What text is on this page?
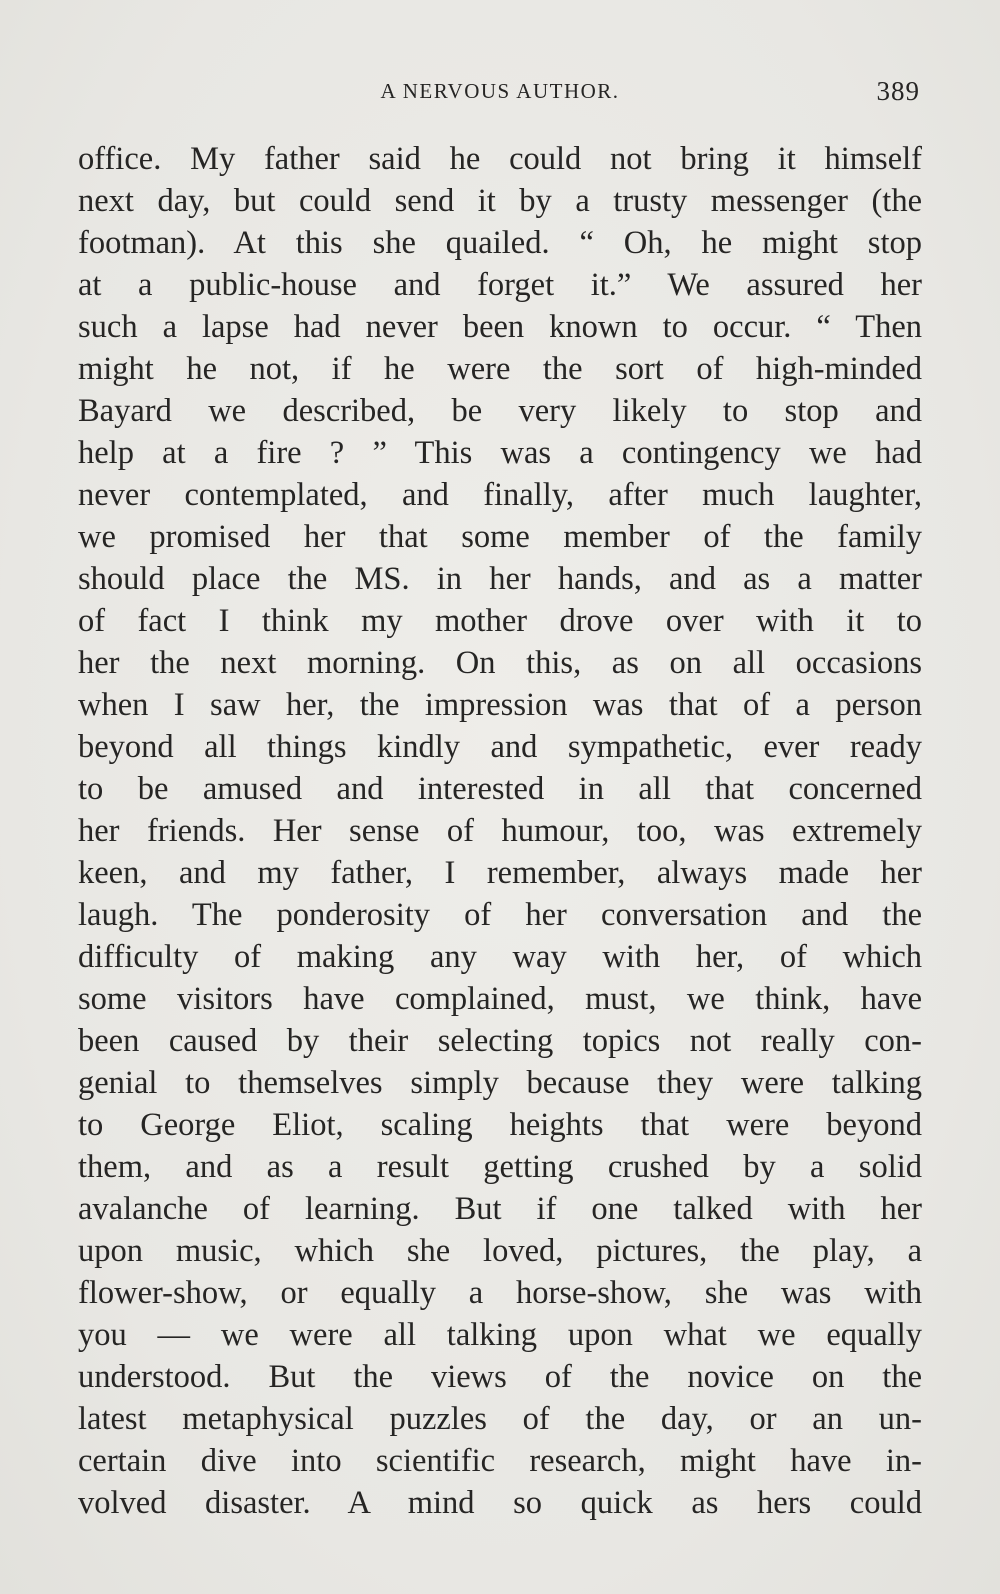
A NERVOUS AUTHOR.	389
office. My father said he could not bring it himself
next day, but could send it by a trusty messenger (the
footman). At this she quailed. “ Oh, he might stop
at a public-house and forget it.” We assured her
such a lapse had never been known to occur. “ Then
might he not, if he were the sort of high-minded
Bayard we described, be very likely to stop and
help at a fire ? ” This was a contingency we had
never contemplated, and finally, after much laughter,
we promised her that some member of the family
should place the MS. in her hands, and as a matter
of fact I think my mother drove over with it to
her the next morning. On this, as on all occasions
when I saw her, the impression was that of a person
beyond all things kindly and sympathetic, ever ready
to be amused and interested in all that concerned
her friends. Her sense of humour, too, was extremely
keen, and my father, I remember, always made her
laugh. The ponderosity of her conversation and the
difficulty of making any way with her, of which
some visitors have complained, must, we think, have
been caused by their selecting topics not really con-
genial to themselves simply because they were talking
to George Eliot, scaling heights that were beyond
them, and as a result getting crushed by a solid
avalanche of learning. But if one talked with her
upon music, which she loved, pictures, the play, a
flower-show, or equally a horse-show, she was with
you — we were all talking upon what we equally
understood. But the views of the novice on the
latest metaphysical puzzles of the day, or an un-
certain dive into scientific research, might have in-
volved disaster. A mind so quick as hers could
